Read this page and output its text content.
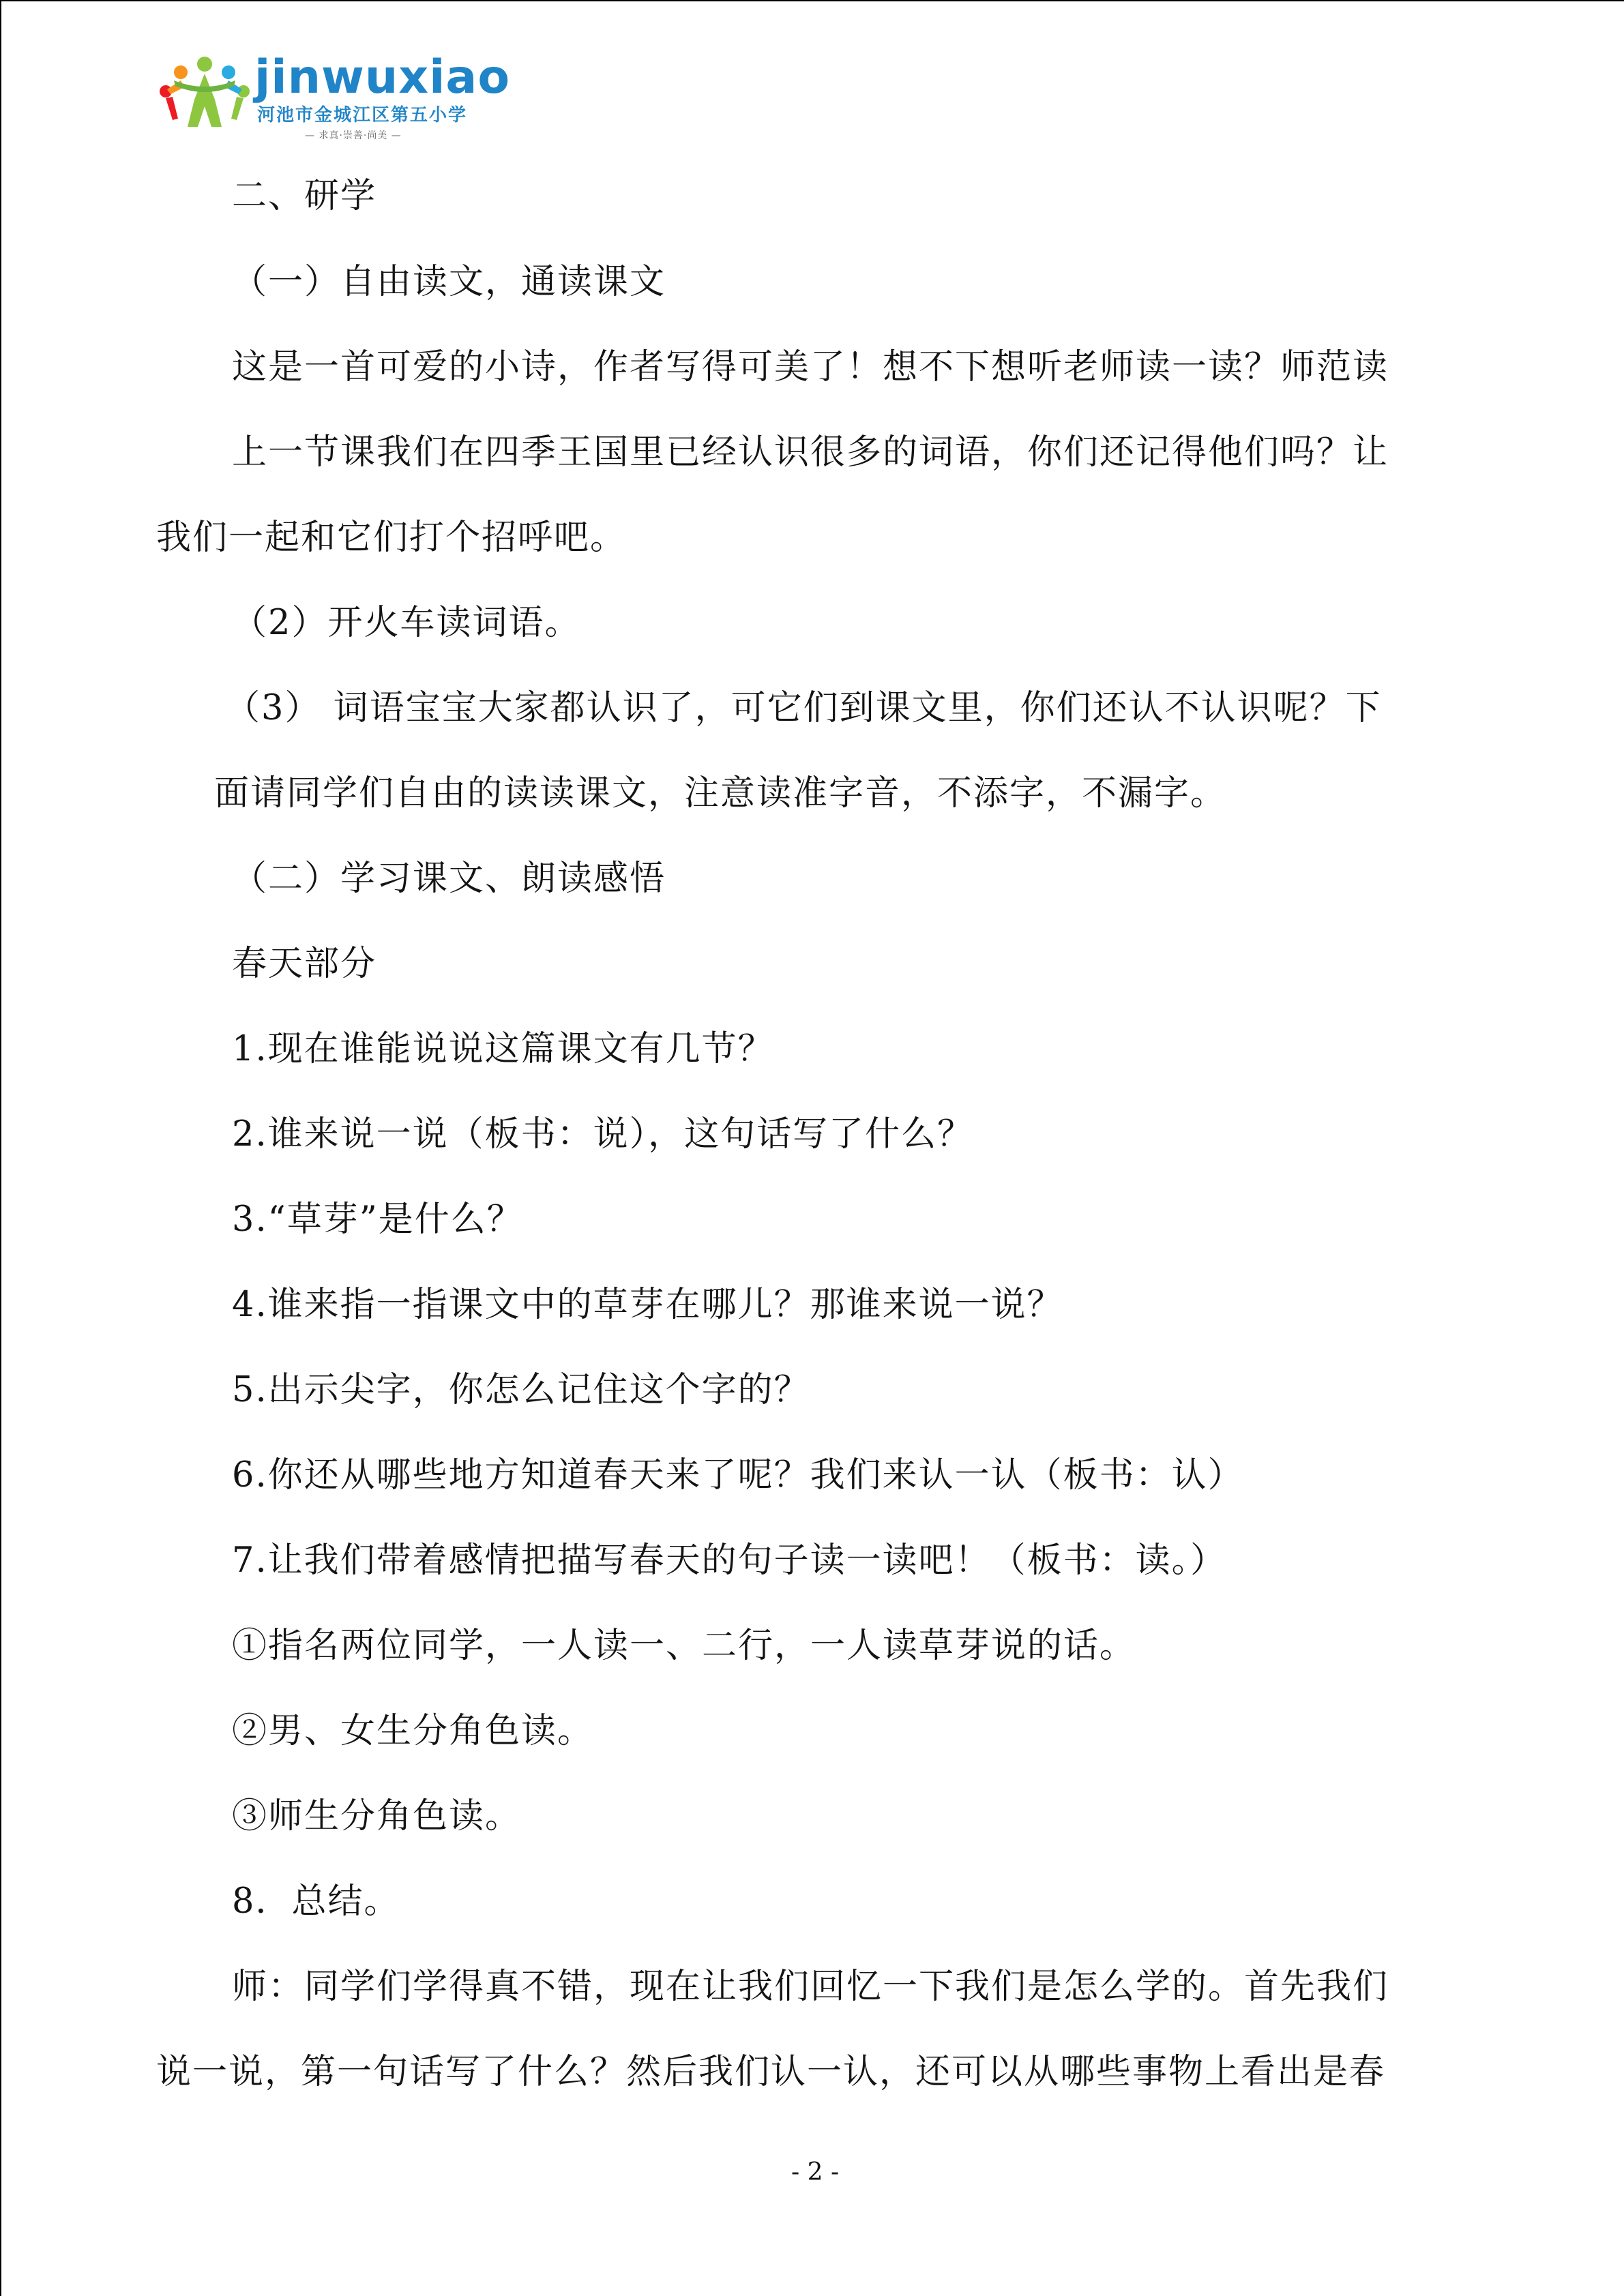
jinwuxiao
河池市金城江区第五小学
— 求真·崇善·尚美 —
二、研学
（一）自由读文，通读课文
这是一首可爱的小诗，作者写得可美了！想不下想听老师读一读？师范读
上一节课我们在四季王国里已经认识很多的词语，你们还记得他们吗？让
我们一起和它们打个招呼吧。
（2）开火车读词语。
（3） 词语宝宝大家都认识了，可它们到课文里，你们还认不认识呢？下
面请同学们自由的读读课文，注意读准字音，不添字，不漏字。
（二）学习课文、朗读感悟
春天部分
1.现在谁能说说这篇课文有几节？
2.谁来说一说（板书：说），这句话写了什么？
3.“草芽”是什么？
4.谁来指一指课文中的草芽在哪儿？那谁来说一说？
5.出示尖字，你怎么记住这个字的？
6.你还从哪些地方知道春天来了呢？我们来认一认（板书：认）
7.让我们带着感情把描写春天的句子读一读吧！（板书：读。）
①指名两位同学，一人读一、二行，一人读草芽说的话。
②男、女生分角色读。
③师生分角色读。
8．总结。
师：同学们学得真不错，现在让我们回忆一下我们是怎么学的。首先我们
说一说，第一句话写了什么？然后我们认一认，还可以从哪些事物上看出是春
- 2 -
